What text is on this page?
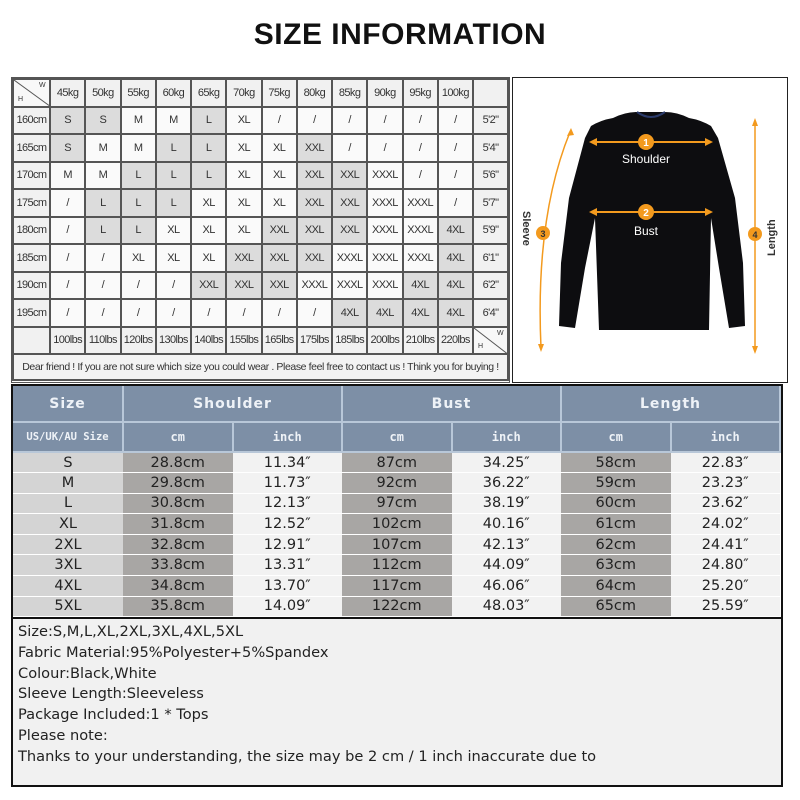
SIZE INFORMATION
H
W	45kg	50kg	55kg	60kg	65kg	70kg	75kg	80kg	85kg	90kg	95kg	100kg	
160cm	S	S	M	M	L	XL	/	/	/	/	/	/	5'2"
165cm	S	M	M	L	L	XL	XL	XXL	/	/	/	/	5'4"
170cm	M	M	L	L	L	XL	XL	XXL	XXL	XXXL	/	/	5'6"
175cm	/	L	L	L	XL	XL	XL	XXL	XXL	XXXL	XXXL	/	5'7"
180cm	/	L	L	XL	XL	XL	XXL	XXL	XXL	XXXL	XXXL	4XL	5'9"
185cm	/	/	XL	XL	XL	XXL	XXL	XXL	XXXL	XXXL	XXXL	4XL	6'1"
190cm	/	/	/	/	XXL	XXL	XXL	XXXL	XXXL	XXXL	4XL	4XL	6'2"
195cm	/	/	/	/	/	/	/	/	4XL	4XL	4XL	4XL	6'4"
	100lbs	110lbs	120lbs	130lbs	140lbs	155lbs	165lbs	175lbs	185lbs	200lbs	210lbs	220lbs	H
W

Dear friend ! If you are not sure which size you could wear . Please feel free to contact us ! Think you for buying !													
1
Shoulder
2
Bust
3
Sleeve	4 Length
Size	Shoulder		Bust		Length	
US/UK/AU Size	cm	inch	cm	inch	cm	inch
S	28.8cm	11.34″	87cm	34.25″	58cm	22.83″
M	29.8cm	11.73″	92cm	36.22″	59cm	23.23″
L	30.8cm	12.13″	97cm	38.19″	60cm	23.62″
XL	31.8cm	12.52″	102cm	40.16″	61cm	24.02″
2XL	32.8cm	12.91″	107cm	42.13″	62cm	24.41″
3XL	33.8cm	13.31″	112cm	44.09″	63cm	24.80″
4XL	34.8cm	13.70″	117cm	46.06″	64cm	25.20″
5XL	35.8cm	14.09″	122cm	48.03″	65cm	25.59″
Size:S,M,L,XL,2XL,3XL,4XL,5XL
Fabric Material:95%Polyester+5%Spandex
Colour:Black,White
Sleeve Length:Sleeveless
Package Included:1 * Tops
Please note:
Thanks to your understanding, the size may be 2 cm / 1 inch inaccurate due to
